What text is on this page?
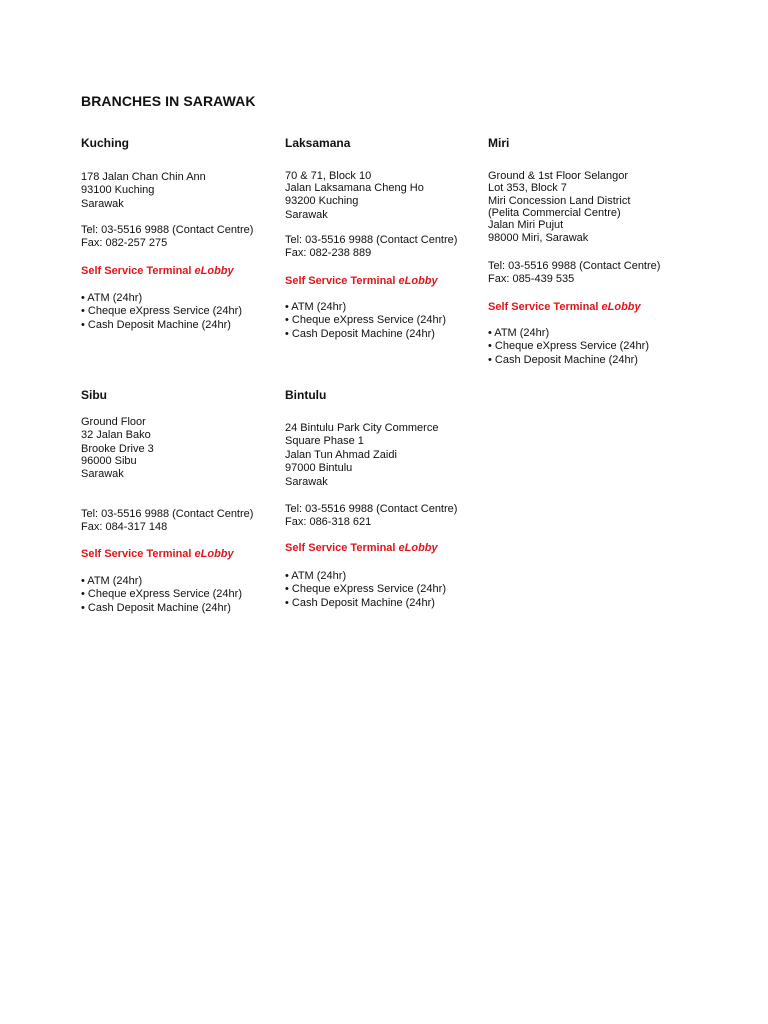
BRANCHES IN SARAWAK
Kuching
178 Jalan Chan Chin Ann
93100 Kuching
Sarawak
Tel: 03-5516 9988 (Contact Centre)
Fax: 082-257 275
Self Service Terminal eLobby
• ATM (24hr)
• Cheque eXpress Service (24hr)
• Cash Deposit Machine (24hr)
Laksamana
70 & 71, Block 10
Jalan Laksamana Cheng Ho
93200 Kuching
Sarawak
Tel: 03-5516 9988 (Contact Centre)
Fax: 082-238 889
Self Service Terminal eLobby
• ATM (24hr)
• Cheque eXpress Service (24hr)
• Cash Deposit Machine (24hr)
Miri
Ground & 1st Floor Selangor
Lot 353, Block 7
Miri Concession Land District
(Pelita Commercial Centre)
Jalan Miri Pujut
98000 Miri, Sarawak
Tel: 03-5516 9988 (Contact Centre)
Fax: 085-439 535
Self Service Terminal eLobby
• ATM (24hr)
• Cheque eXpress Service (24hr)
• Cash Deposit Machine (24hr)
Sibu
Ground Floor
32 Jalan Bako
Brooke Drive 3
96000 Sibu
Sarawak
Tel: 03-5516 9988 (Contact Centre)
Fax: 084-317 148
Self Service Terminal eLobby
• ATM (24hr)
• Cheque eXpress Service (24hr)
• Cash Deposit Machine (24hr)
Bintulu
24 Bintulu Park City Commerce
Square Phase 1
Jalan Tun Ahmad Zaidi
97000 Bintulu
Sarawak
Tel: 03-5516 9988 (Contact Centre)
Fax: 086-318 621
Self Service Terminal eLobby
• ATM (24hr)
• Cheque eXpress Service (24hr)
• Cash Deposit Machine (24hr)
